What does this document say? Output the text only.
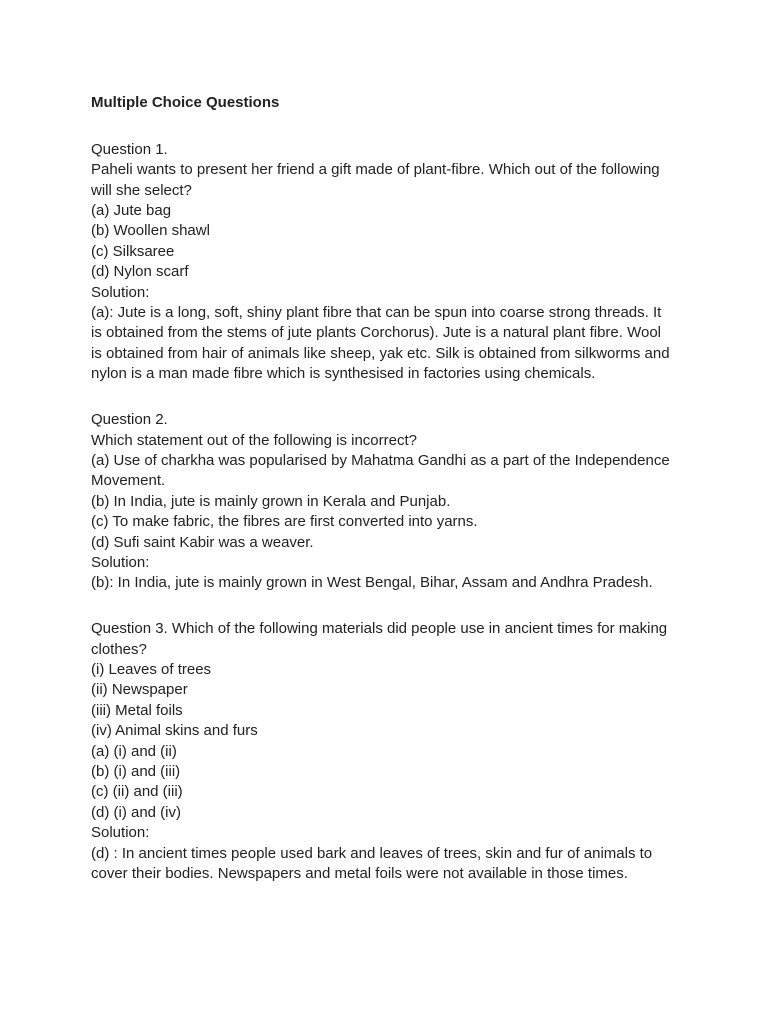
Multiple Choice Questions
Question 1.
Paheli wants to present her friend a gift made of plant-fibre. Which out of the following
will she select?
(a) Jute bag
(b) Woollen shawl
(c) Silksaree
(d) Nylon scarf
Solution:
(a): Jute is a long, soft, shiny plant fibre that can be spun into coarse strong threads. It
is obtained from the stems of jute plants Corchorus). Jute is a natural plant fibre. Wool
is obtained from hair of animals like sheep, yak etc. Silk is obtained from silkworms and
nylon is a man made fibre which is synthesised in factories using chemicals.
Question 2.
Which statement out of the following is incorrect?
(a) Use of charkha was popularised by Mahatma Gandhi as a part of the Independence
Movement.
(b) In India, jute is mainly grown in Kerala and Punjab.
(c) To make fabric, the fibres are first converted into yarns.
(d) Sufi saint Kabir was a weaver.
Solution:
(b): In India, jute is mainly grown in West Bengal, Bihar, Assam and Andhra Pradesh.
Question 3. Which of the following materials did people use in ancient times for making
clothes?
(i) Leaves of trees
(ii) Newspaper
(iii) Metal foils
(iv) Animal skins and furs
(a) (i) and (ii)
(b) (i) and (iii)
(c) (ii) and (iii)
(d) (i) and (iv)
Solution:
(d) : In ancient times people used bark and leaves of trees, skin and fur of animals to
cover their bodies. Newspapers and metal foils were not available in those times.
